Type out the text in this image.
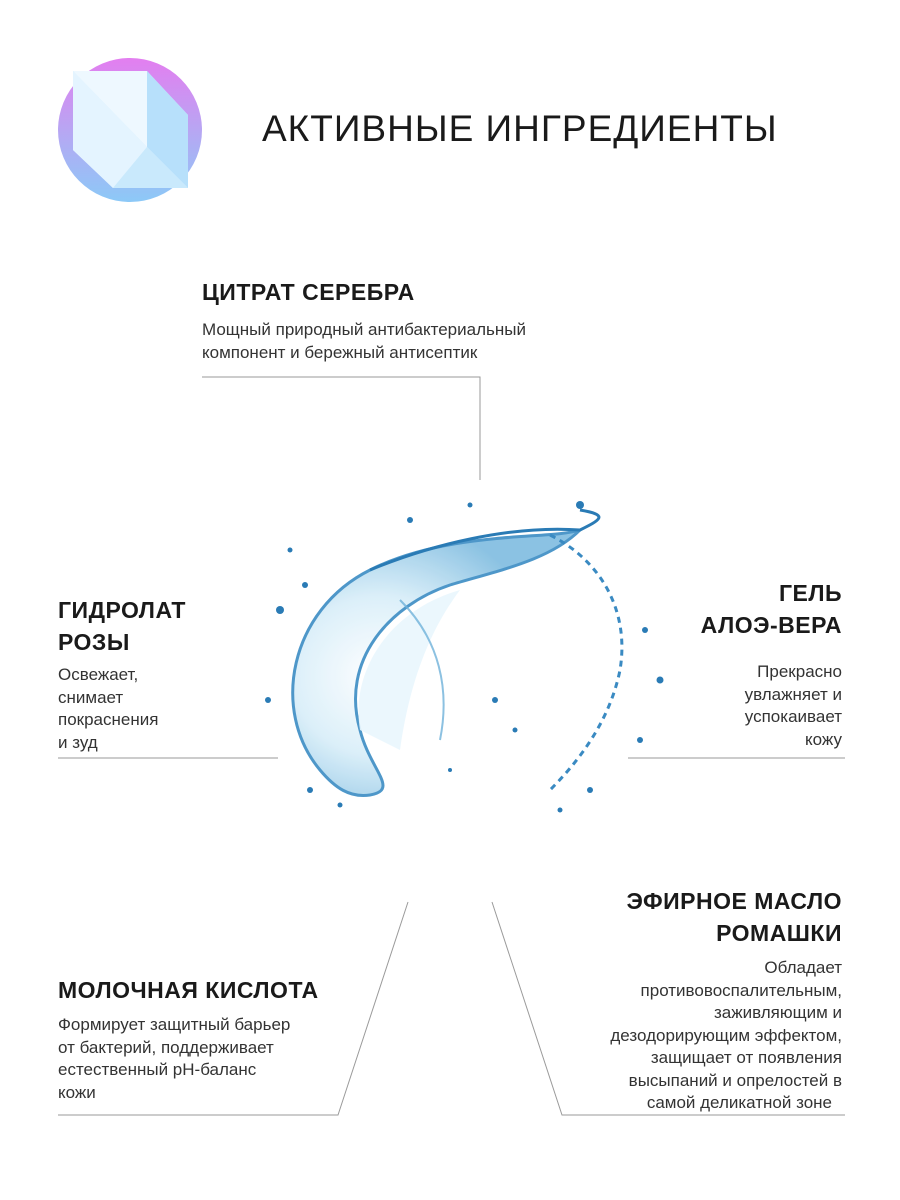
АКТИВНЫЕ ИНГРЕДИЕНТЫ

ЦИТРАТ СЕРЕБРА

Мощный природный антибактериальный
компонент и бережный антисептик

ГИДРОЛАТ
РОЗЫ

Освежает,
снимает
покраснения
и зуд

ГЕЛЬ
АЛОЭ-ВЕРА

Прекрасно
увлажняет и
успокаивает
кожу

МОЛОЧНАЯ КИСЛОТА

Формирует защитный барьер
от бактерий, поддерживает
естественный pH-баланс
кожи

ЭФИРНОЕ МАСЛО
РОМАШКИ

Обладает
противовоспалительным,
заживляющим и
дезодорирующим эффектом,
защищает от появления
высыпаний и опрелостей в
самой деликатной зоне
